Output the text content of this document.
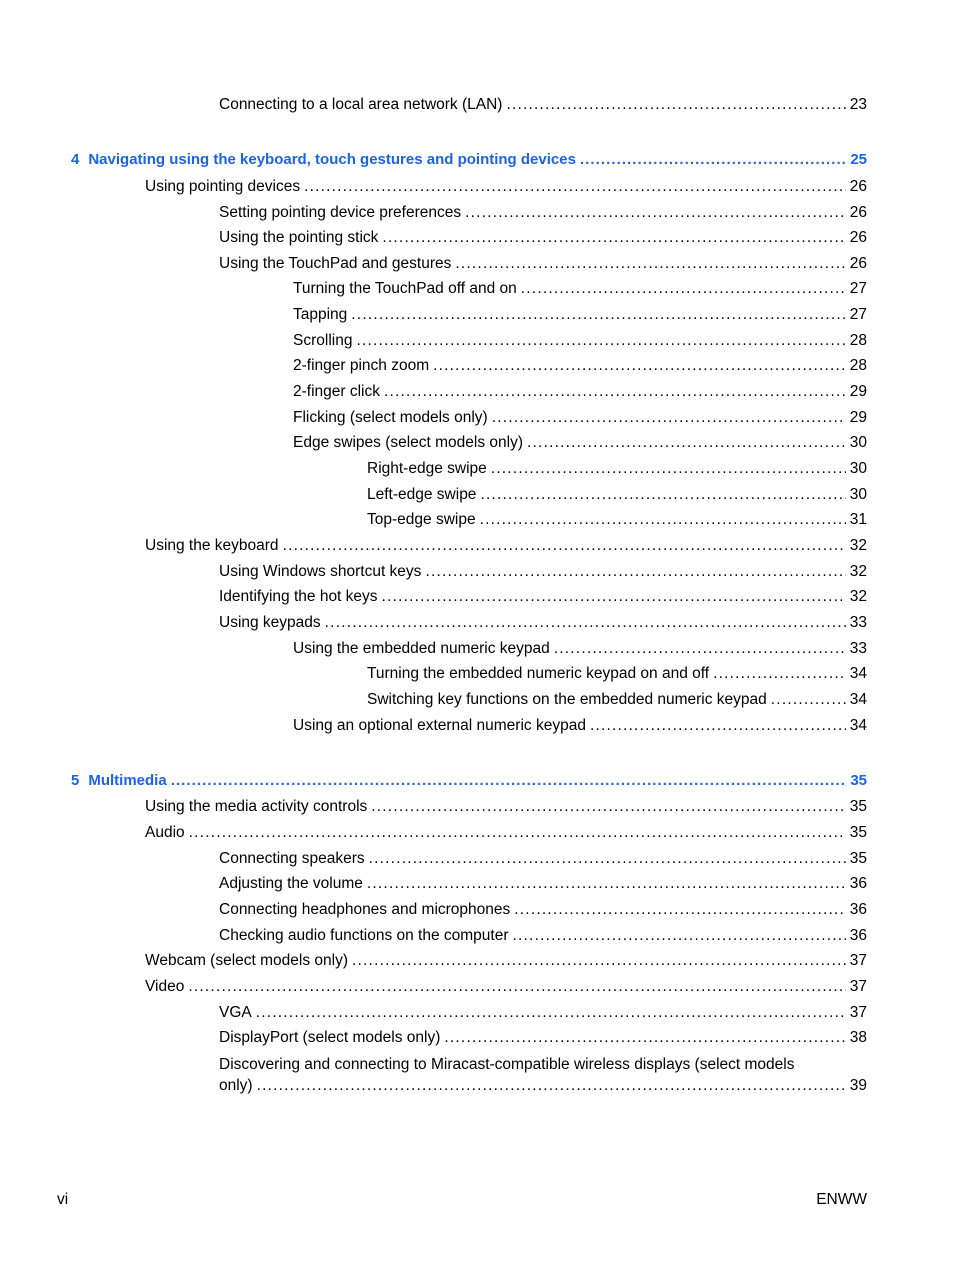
Connecting to a local area network (LAN) . . .	23
4 Navigating using the keyboard, touch gestures and pointing devices . . .	25
Using pointing devices . . .	26
Setting pointing device preferences . . .	26
Using the pointing stick . . .	26
Using the TouchPad and gestures . . .	26
Turning the TouchPad off and on . . .	27
Tapping . . .	27
Scrolling . . .	28
2-finger pinch zoom . . .	28
2-finger click . . .	29
Flicking (select models only) . . .	29
Edge swipes (select models only) . . .	30
Right-edge swipe . . .	30
Left-edge swipe . . .	30
Top-edge swipe . . .	31
Using the keyboard . . .	32
Using Windows shortcut keys . . .	32
Identifying the hot keys . . .	32
Using keypads . . .	33
Using the embedded numeric keypad . . .	33
Turning the embedded numeric keypad on and off . . .	34
Switching key functions on the embedded numeric keypad . . .	34
Using an optional external numeric keypad . . .	34
5 Multimedia . . .	35
Using the media activity controls . . .	35
Audio . . .	35
Connecting speakers . . .	35
Adjusting the volume . . .	36
Connecting headphones and microphones . . .	36
Checking audio functions on the computer . . .	36
Webcam (select models only) . . .	37
Video . . .	37
VGA . . .	37
DisplayPort (select models only) . . .	38
Discovering and connecting to Miracast-compatible wireless displays (select models
only) . . .	39
vi	ENWW
